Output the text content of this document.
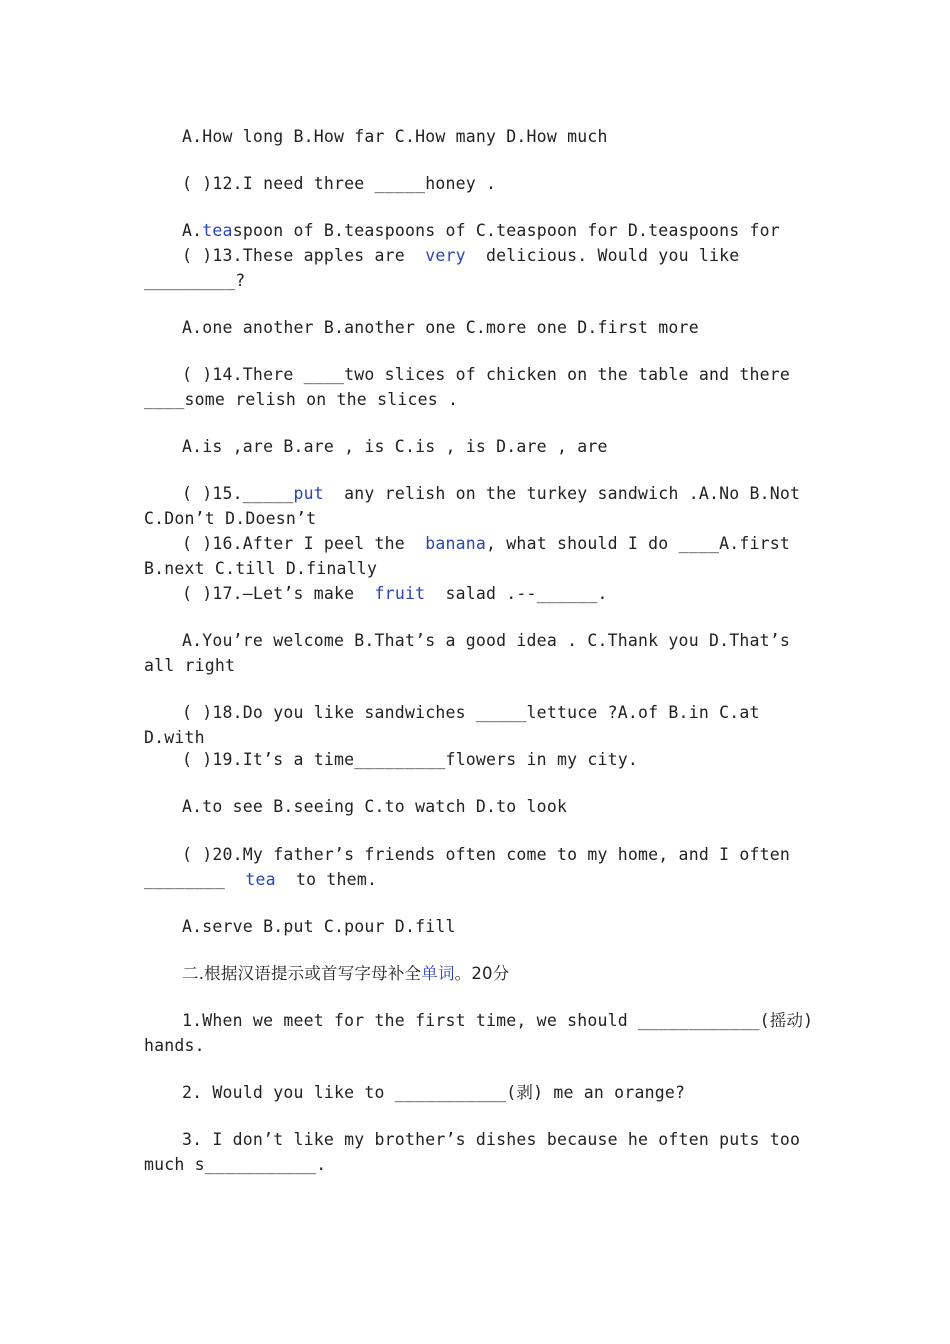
A.How long B.How far C.How many D.How much
( )12.I need three _____honey .
A.teaspoon of B.teaspoons of C.teaspoon for D.teaspoons for
( )13.These apples are  very  delicious. Would you like _________?
A.one another B.another one C.more one D.first more
( )14.There ____two slices of chicken on the table and there ____some relish on the slices .
A.is ,are B.are , is C.is , is D.are , are
( )15._____put  any relish on the turkey sandwich .A.No B.Not C.Don’t D.Doesn’t
( )16.After I peel the  banana, what should I do ____A.first B.next C.till D.finally
( )17.—Let’s make  fruit  salad .--______.
A.You’re welcome B.That’s a good idea . C.Thank you D.That’s all right
( )18.Do you like sandwiches _____lettuce ?A.of B.in C.at D.with
( )19.It’s a time_________flowers in my city.
A.to see B.seeing C.to watch D.to look
( )20.My father’s friends often come to my home, and I often ________  tea  to them.
A.serve B.put C.pour D.fill
二.根据汉语提示或首写字母补全单词。20分
1.When we meet for the first time, we should ____________(摇动) hands.
2. Would you like to ___________(剥) me an orange?
3. I don’t like my brother’s dishes because he often puts too much s___________.
